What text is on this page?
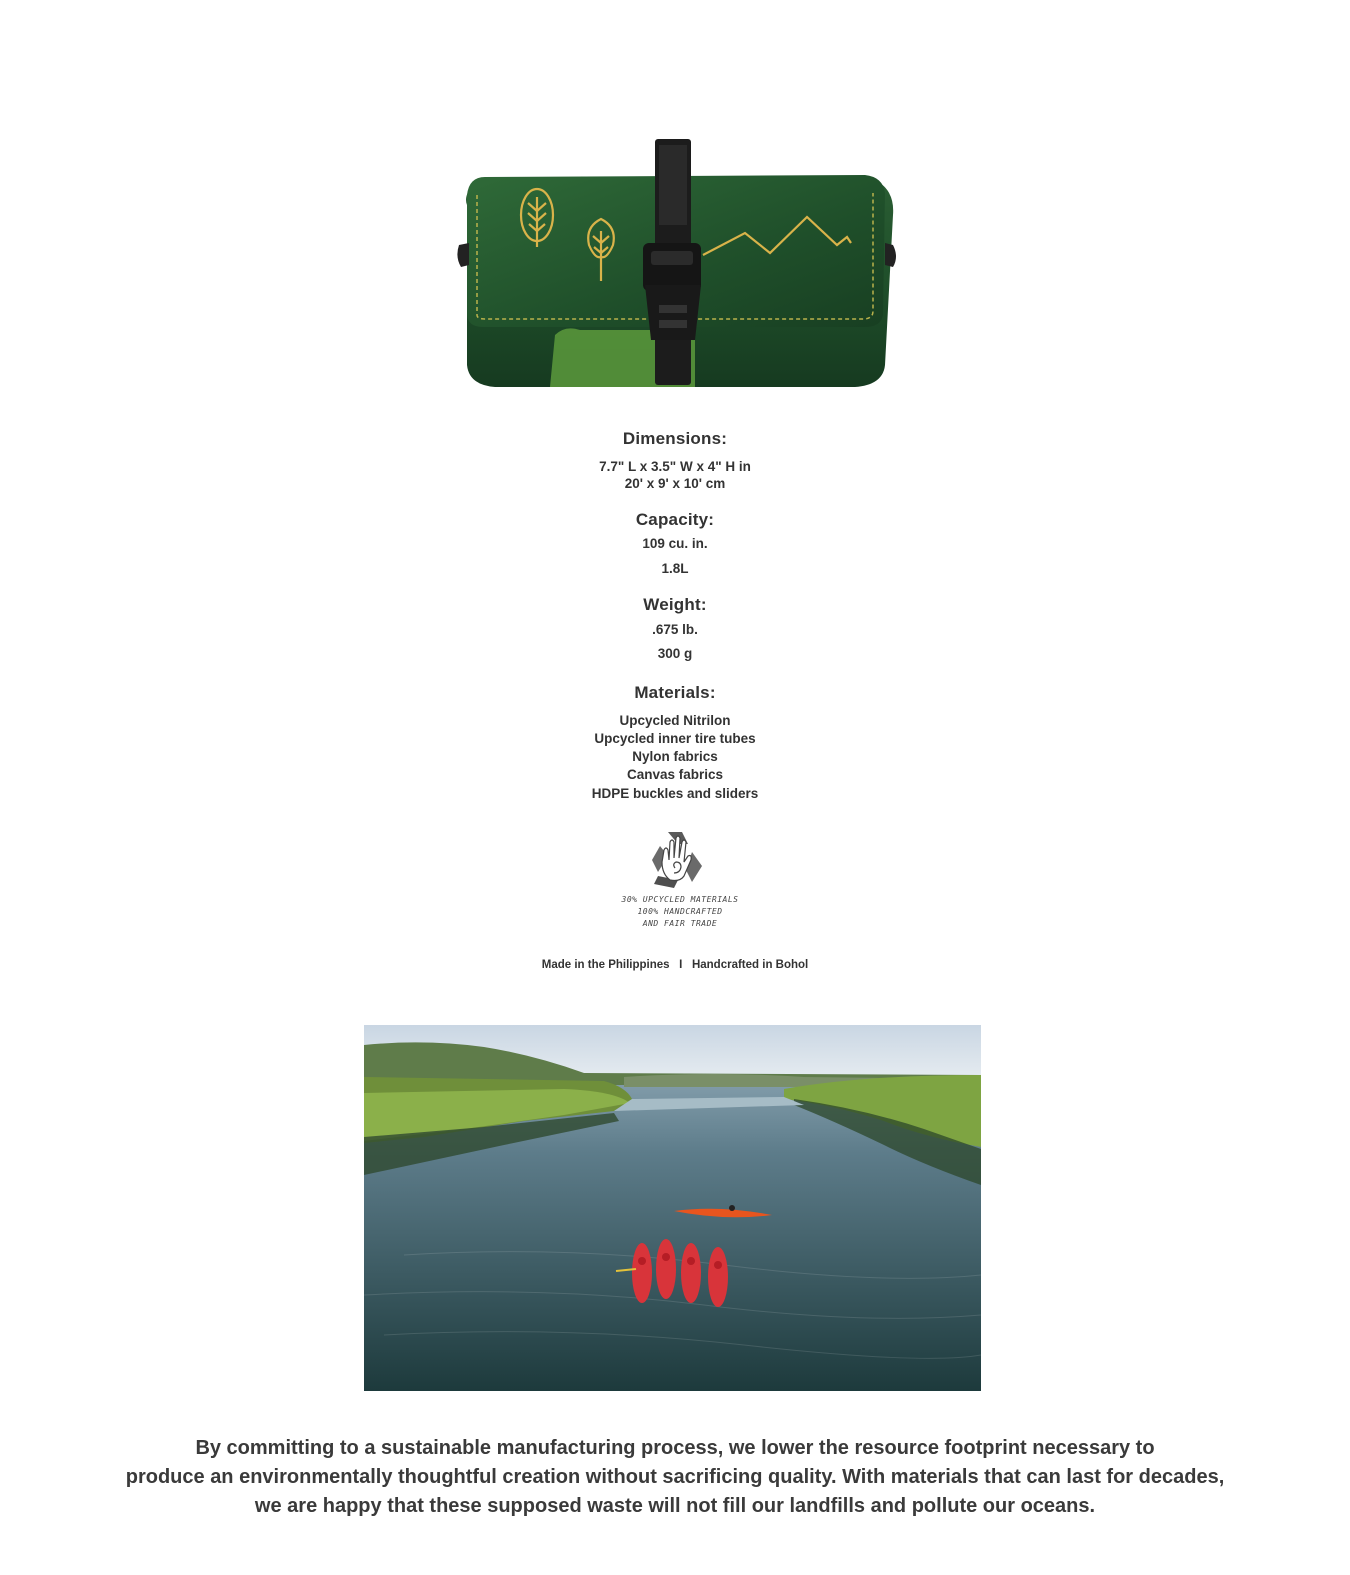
Dimensions:
7.7" L x 3.5" W x 4" H in
20' x 9' x 10' cm
Capacity:
109 cu. in.
1.8L
Weight:
.675 lb.
300 g
Materials:
Upcycled Nitrilon
Upcycled inner tire tubes
Nylon fabrics
Canvas fabrics
HDPE buckles and sliders
30% UPCYCLED MATERIALS
100% HANDCRAFTED
AND FAIR TRADE
Made in the Philippines I Handcrafted in Bohol
By committing to a sustainable manufacturing process, we lower the resource footprint necessary to
produce an environmentally thoughtful creation without sacrificing quality. With materials that can last for decades,
we are happy that these supposed waste will not fill our landfills and pollute our oceans.
